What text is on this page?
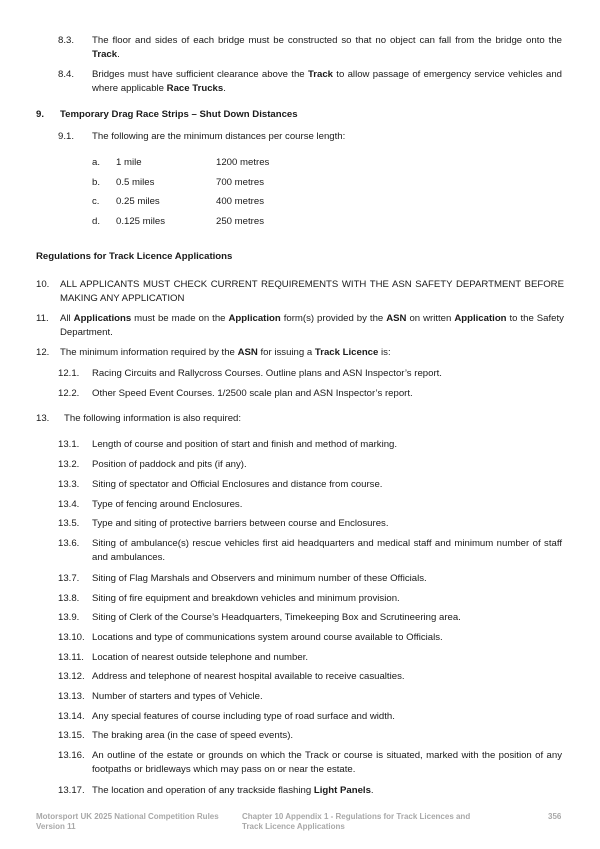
8.3.	The floor and sides of each bridge must be constructed so that no object can fall from the bridge onto the Track.
8.4.	Bridges must have sufficient clearance above the Track to allow passage of emergency service vehicles and where applicable Race Trucks.
9.	Temporary Drag Race Strips – Shut Down Distances
9.1.	The following are the minimum distances per course length:
a.	1 mile	1200 metres
b.	0.5 miles	700 metres
c.	0.25 miles	400 metres
d.	0.125 miles	250 metres
Regulations for Track Licence Applications
10.	ALL APPLICANTS MUST CHECK CURRENT REQUIREMENTS WITH THE ASN SAFETY DEPARTMENT BEFORE MAKING ANY APPLICATION
11.	All Applications must be made on the Application form(s) provided by the ASN on written Application to the Safety Department.
12.	The minimum information required by the ASN for issuing a Track Licence is:
12.1.	Racing Circuits and Rallycross Courses. Outline plans and ASN Inspector’s report.
12.2.	Other Speed Event Courses. 1/2500 scale plan and ASN Inspector’s report.
13.	The following information is also required:
13.1.	Length of course and position of start and finish and method of marking.
13.2.	Position of paddock and pits (if any).
13.3.	Siting of spectator and Official Enclosures and distance from course.
13.4.	Type of fencing around Enclosures.
13.5.	Type and siting of protective barriers between course and Enclosures.
13.6.	Siting of ambulance(s) rescue vehicles first aid headquarters and medical staff and minimum number of staff and ambulances.
13.7.	Siting of Flag Marshals and Observers and minimum number of these Officials.
13.8.	Siting of fire equipment and breakdown vehicles and minimum provision.
13.9.	Siting of Clerk of the Course’s Headquarters, Timekeeping Box and Scrutineering area.
13.10. Locations and type of communications system around course available to Officials.
13.11. Location of nearest outside telephone and number.
13.12. Address and telephone of nearest hospital available to receive casualties.
13.13. Number of starters and types of Vehicle.
13.14. Any special features of course including type of road surface and width.
13.15. The braking area (in the case of speed events).
13.16. An outline of the estate or grounds on which the Track or course is situated, marked with the position of any footpaths or bridleways which may pass on or near the estate.
13.17. The location and operation of any trackside flashing Light Panels.
Motorsport UK 2025 National Competition Rules
Version 11
Chapter 10 Appendix 1 - Regulations for Track Licences and
Track Licence Applications
356
